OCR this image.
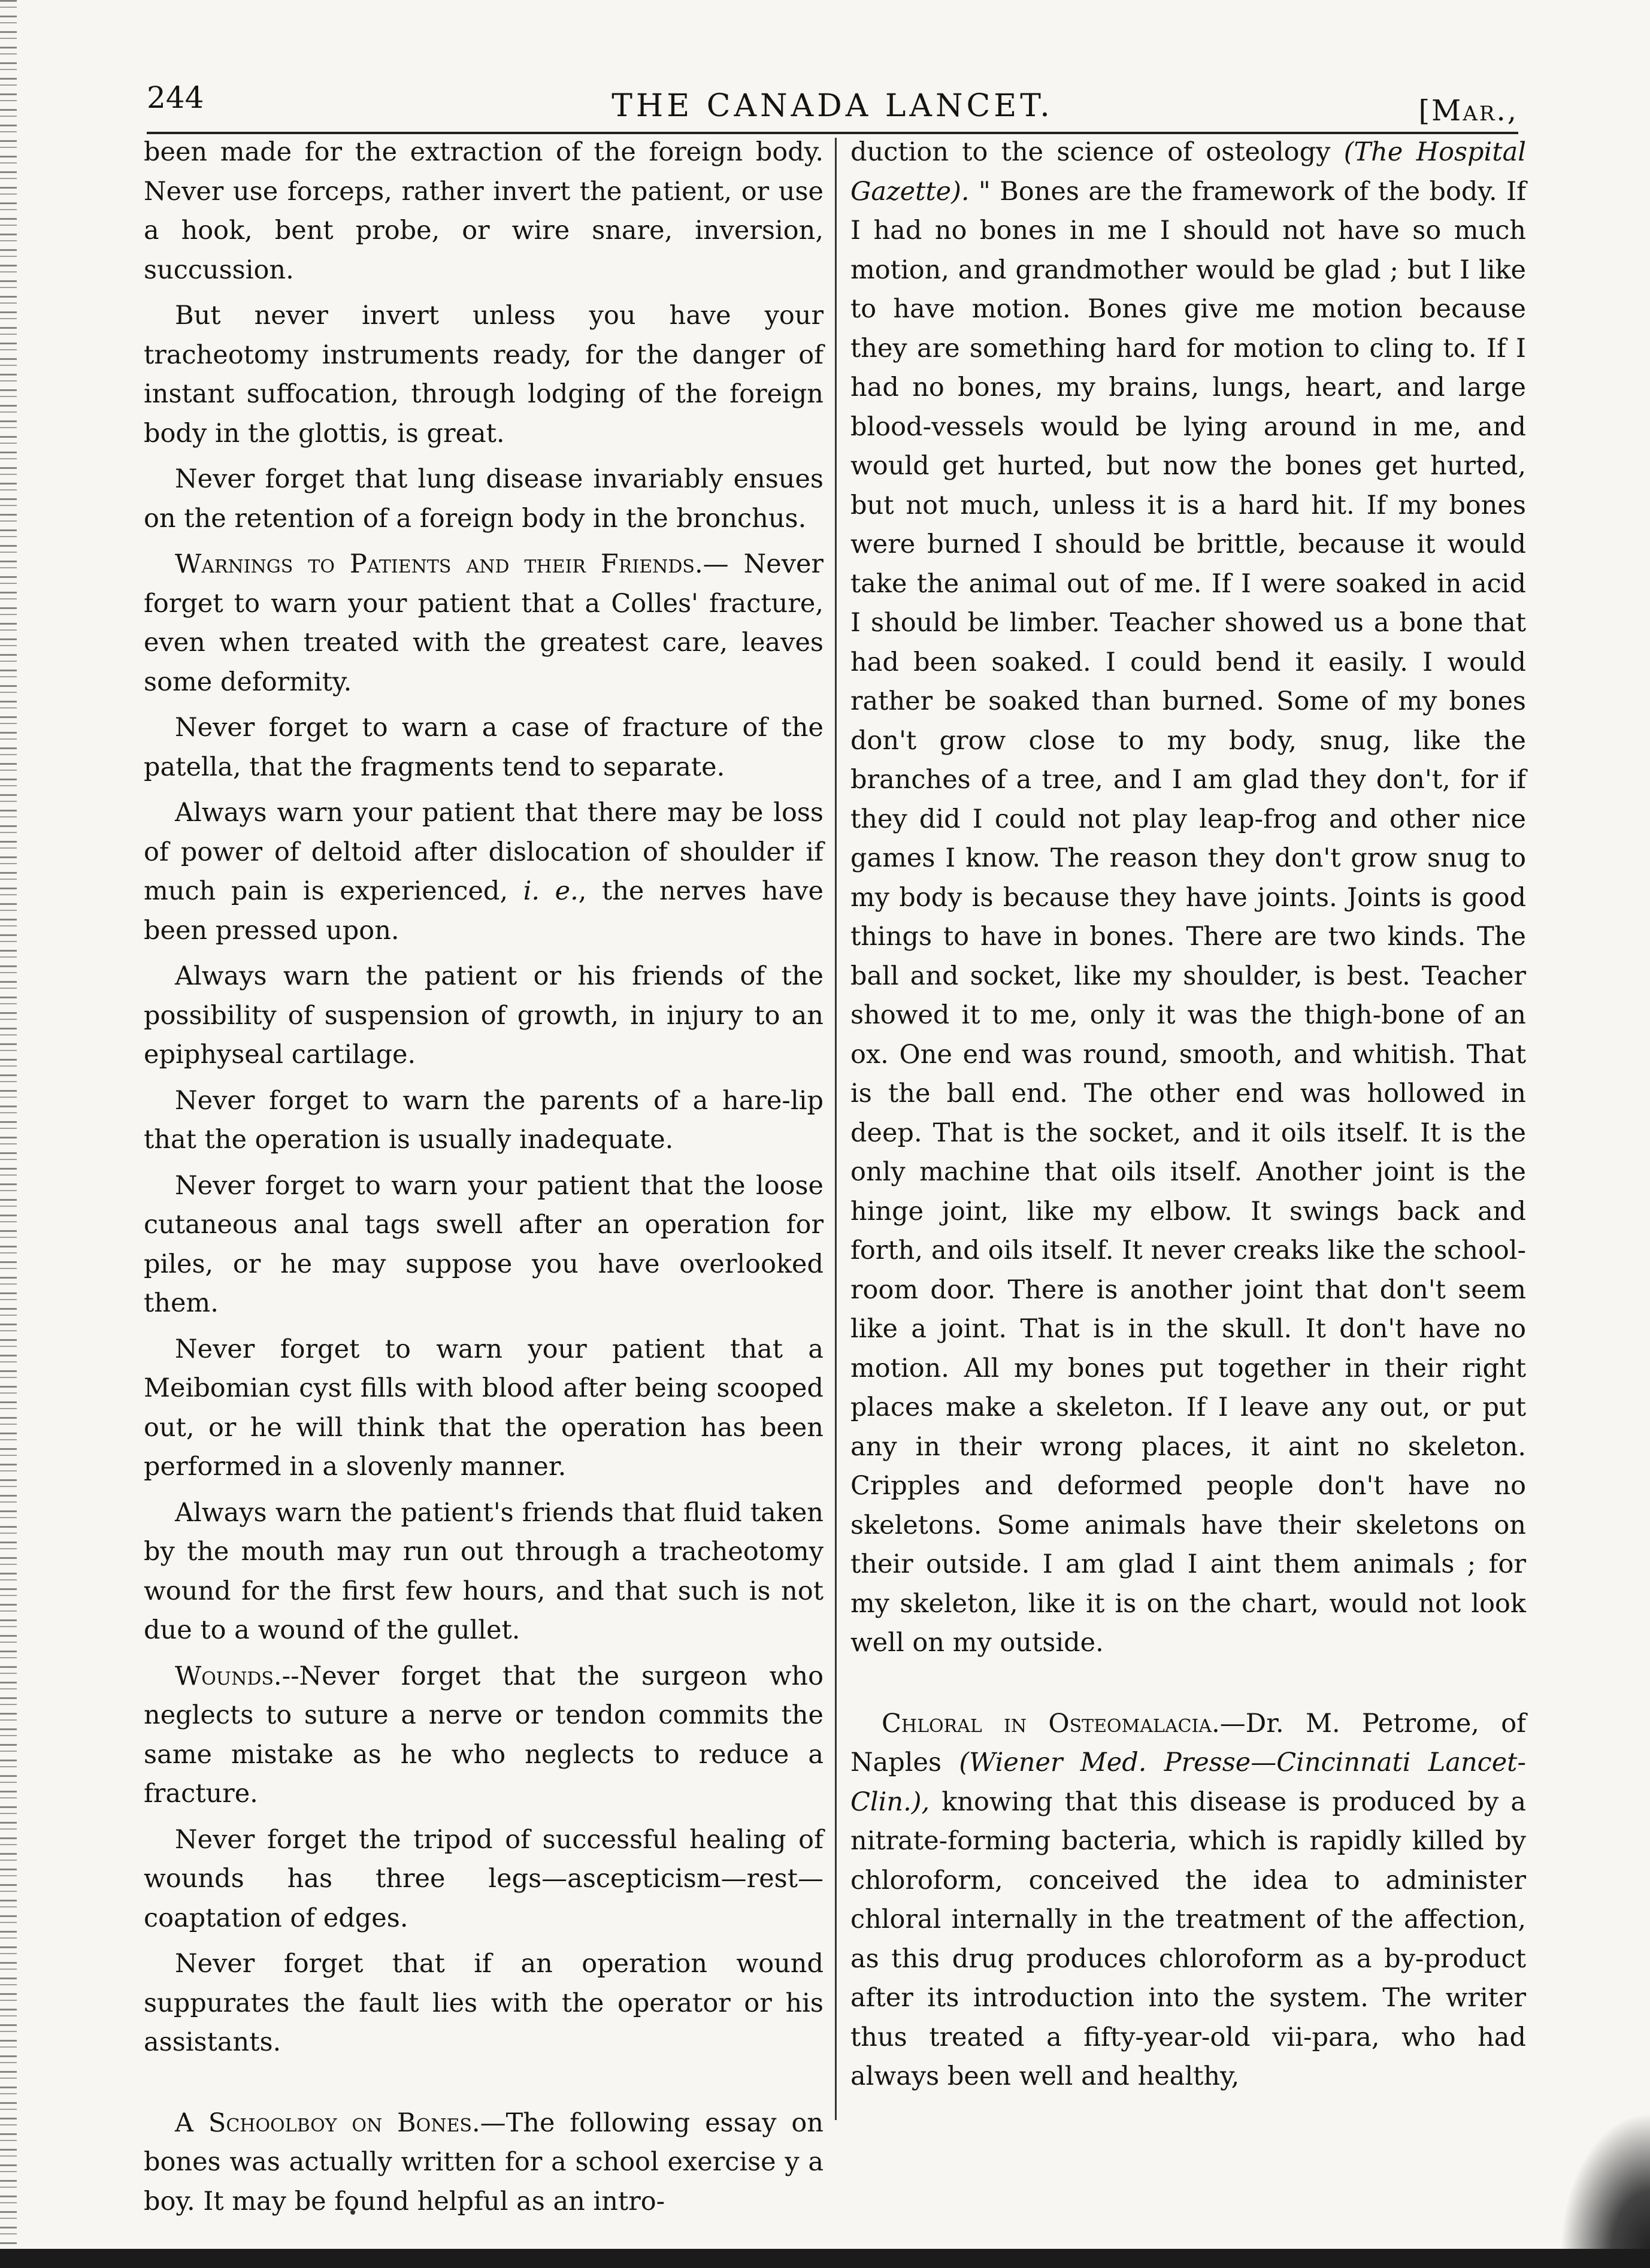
244	THE CANADA LANCET.	[Mar.,

been made for the extraction of the foreign body. Never use forceps, rather invert the patient, or use a hook, bent probe, or wire snare, inversion, succussion.

But never invert unless you have your tracheotomy instruments ready, for the danger of instant suffocation, through lodging of the foreign body in the glottis, is great.

Never forget that lung disease invariably ensues on the retention of a foreign body in the bronchus.

Warnings to Patients and their Friends.— Never forget to warn your patient that a Colles' fracture, even when treated with the greatest care, leaves some deformity.

Never forget to warn a case of fracture of the patella, that the fragments tend to separate.

Always warn your patient that there may be loss of power of deltoid after dislocation of shoulder if much pain is experienced, i. e., the nerves have been pressed upon.

Always warn the patient or his friends of the possibility of suspension of growth, in injury to an epiphyseal cartilage.

Never forget to warn the parents of a hare-lip that the operation is usually inadequate.

Never forget to warn your patient that the loose cutaneous anal tags swell after an operation for piles, or he may suppose you have overlooked them.

Never forget to warn your patient that a Meibomian cyst fills with blood after being scooped out, or he will think that the operation has been performed in a slovenly manner.

Always warn the patient's friends that fluid taken by the mouth may run out through a tracheotomy wound for the first few hours, and that such is not due to a wound of the gullet.

Wounds.--Never forget that the surgeon who neglects to suture a nerve or tendon commits the same mistake as he who neglects to reduce a fracture.

Never forget the tripod of successful healing of wounds has three legs—ascepticism—rest—coaptation of edges.

Never forget that if an operation wound suppurates the fault lies with the operator or his assistants.

A Schoolboy on Bones.—The following essay on bones was actually written for a school exercise y a boy. It may be found helpful as an intro-

duction to the science of osteology (The Hospital Gazette). " Bones are the framework of the body. If I had no bones in me I should not have so much motion, and grandmother would be glad ; but I like to have motion. Bones give me motion because they are something hard for motion to cling to. If I had no bones, my brains, lungs, heart, and large blood-vessels would be lying around in me, and would get hurted, but now the bones get hurted, but not much, unless it is a hard hit. If my bones were burned I should be brittle, because it would take the animal out of me. If I were soaked in acid I should be limber. Teacher showed us a bone that had been soaked. I could bend it easily. I would rather be soaked than burned. Some of my bones don't grow close to my body, snug, like the branches of a tree, and I am glad they don't, for if they did I could not play leap-frog and other nice games I know. The reason they don't grow snug to my body is because they have joints. Joints is good things to have in bones. There are two kinds. The ball and socket, like my shoulder, is best. Teacher showed it to me, only it was the thigh-bone of an ox. One end was round, smooth, and whitish. That is the ball end. The other end was hollowed in deep. That is the socket, and it oils itself. It is the only machine that oils itself. Another joint is the hinge joint, like my elbow. It swings back and forth, and oils itself. It never creaks like the school-room door. There is another joint that don't seem like a joint. That is in the skull. It don't have no motion. All my bones put together in their right places make a skeleton. If I leave any out, or put any in their wrong places, it aint no skeleton. Cripples and deformed people don't have no skeletons. Some animals have their skeletons on their outside. I am glad I aint them animals ; for my skeleton, like it is on the chart, would not look well on my outside.

Chloral in Osteomalacia.—Dr. M. Petrome, of Naples (Wiener Med. Presse—Cincinnati Lancet-Clin.), knowing that this disease is produced by a nitrate-forming bacteria, which is rapidly killed by chloroform, conceived the idea to administer chloral internally in the treatment of the affection, as this drug produces chloroform as a by-product after its introduction into the system. The writer thus treated a fifty-year-old vii-para, who had always been well and healthy,
